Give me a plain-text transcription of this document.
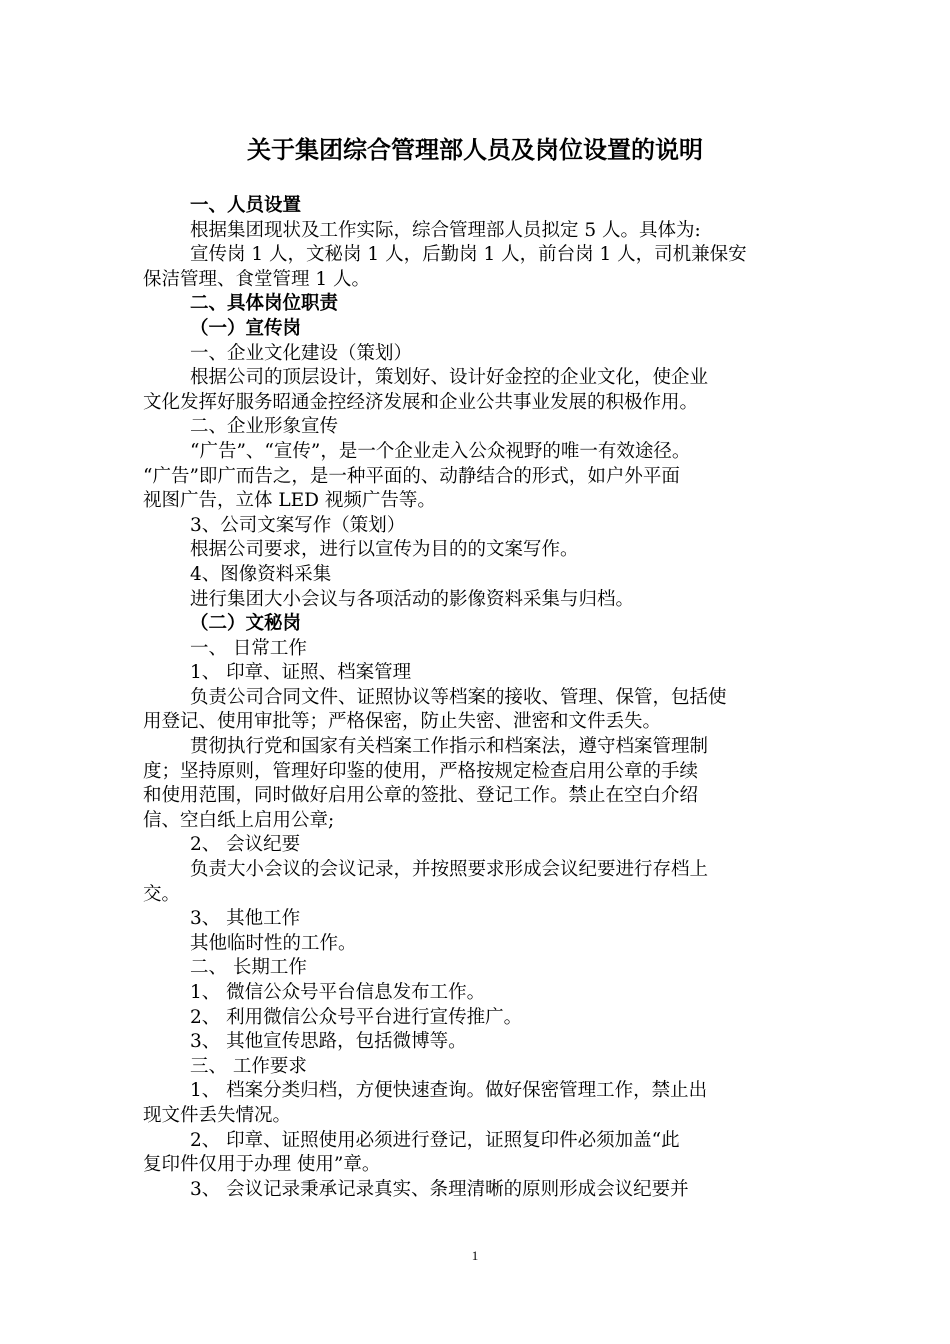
关于集团综合管理部人员及岗位设置的说明
一、人员设置
根据集团现状及工作实际，综合管理部人员拟定 5 人。具体为:
宣传岗 1 人，文秘岗 1 人，后勤岗 1 人，前台岗 1 人，司机兼保安
保洁管理、食堂管理 1 人。
二、具体岗位职责
（一）宣传岗
一、企业文化建设（策划）
根据公司的顶层设计，策划好、设计好金控的企业文化，使企业
文化发挥好服务昭通金控经济发展和企业公共事业发展的积极作用。
二、企业形象宣传
“广告”、“宣传”，是一个企业走入公众视野的唯一有效途径。
“广告”即广而告之，是一种平面的、动静结合的形式，如户外平面
视图广告，立体 LED 视频广告等。
3、公司文案写作（策划）
根据公司要求，进行以宣传为目的的文案写作。
4、图像资料采集
进行集团大小会议与各项活动的影像资料采集与归档。
（二）文秘岗
一、 日常工作
1、 印章、证照、档案管理
负责公司合同文件、证照协议等档案的接收、管理、保管，包括使
用登记、使用审批等；严格保密，防止失密、泄密和文件丢失。
贯彻执行党和国家有关档案工作指示和档案法，遵守档案管理制
度；坚持原则，管理好印鉴的使用，严格按规定检查启用公章的手续
和使用范围，同时做好启用公章的签批、登记工作。禁止在空白介绍
信、空白纸上启用公章;
2、 会议纪要
负责大小会议的会议记录，并按照要求形成会议纪要进行存档上
交。
3、 其他工作
其他临时性的工作。
二、 长期工作
1、 微信公众号平台信息发布工作。
2、 利用微信公众号平台进行宣传推广。
3、 其他宣传思路，包括微博等。
三、 工作要求
1、 档案分类归档，方便快速查询。做好保密管理工作，禁止出
现文件丢失情况。
2、 印章、证照使用必须进行登记，证照复印件必须加盖“此
复印件仅用于办理 使用”章。
3、 会议记录秉承记录真实、条理清晰的原则形成会议纪要并
1
